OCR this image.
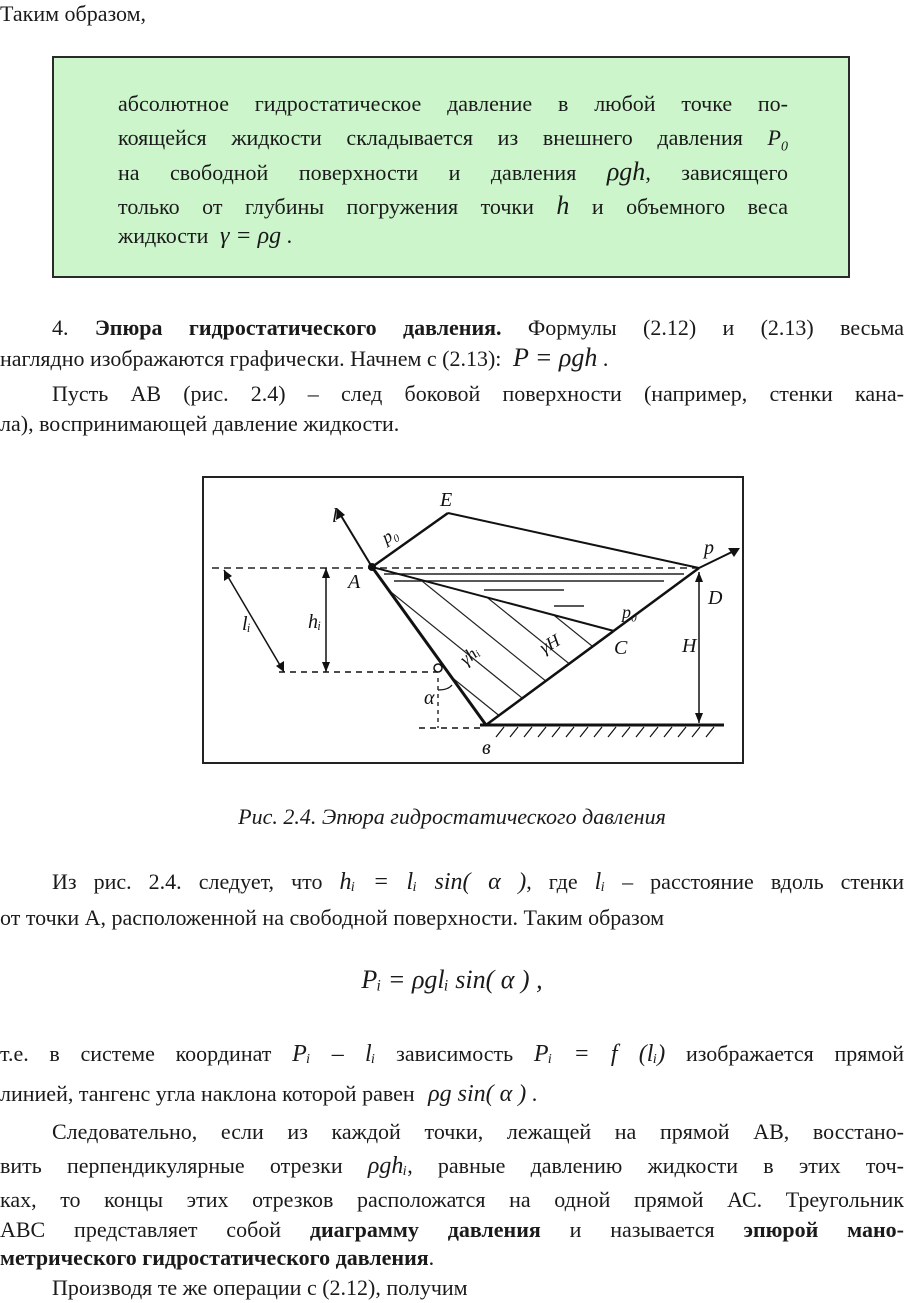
Таким образом,
абсолютное гидростатическое давление в любой точке по-
коящейся жидкости складывается из внешнего давления $P_0$
на свободной поверхности и давления ρgh, зависящего
только от глубины погружения точки h и объемного веса
жидкости γ = ρg .
4. Эпюра гидростатического давления. Формулы (2.12) и (2.13) весьма
наглядно изображаются графически. Начнем с (2.13): P = ρgh .
Пусть АВ (рис. 2.4) – след боковой поверхности (например, стенки кана-
ла), воспринимающей давление жидкости.
l
E
p₀
p
A
D
lᵢ	hᵢ	p₀
γhᵢ	γH	C	H
α
в
Рис. 2.4. Эпюра гидростатического давления
Из рис. 2.4. следует, что hᵢ = lᵢ sin( α ), где lᵢ – расстояние вдоль стенки
от точки А, расположенной на свободной поверхности. Таким образом
Pᵢ = ρglᵢ sin( α ) ,
т.е. в системе координат Pᵢ – lᵢ зависимость Pᵢ = f (lᵢ) изображается прямой
линией, тангенс угла наклона которой равен ρg sin( α ) .
Следовательно, если из каждой точки, лежащей на прямой АВ, восстано-
вить перпендикулярные отрезки ρghᵢ, равные давлению жидкости в этих точ-
ках, то концы этих отрезков расположатся на одной прямой АС. Треугольник
АВС представляет собой диаграмму давления и называется эпюрой мано-
метрического гидростатического давления.
Производя те же операции с (2.12), получим
